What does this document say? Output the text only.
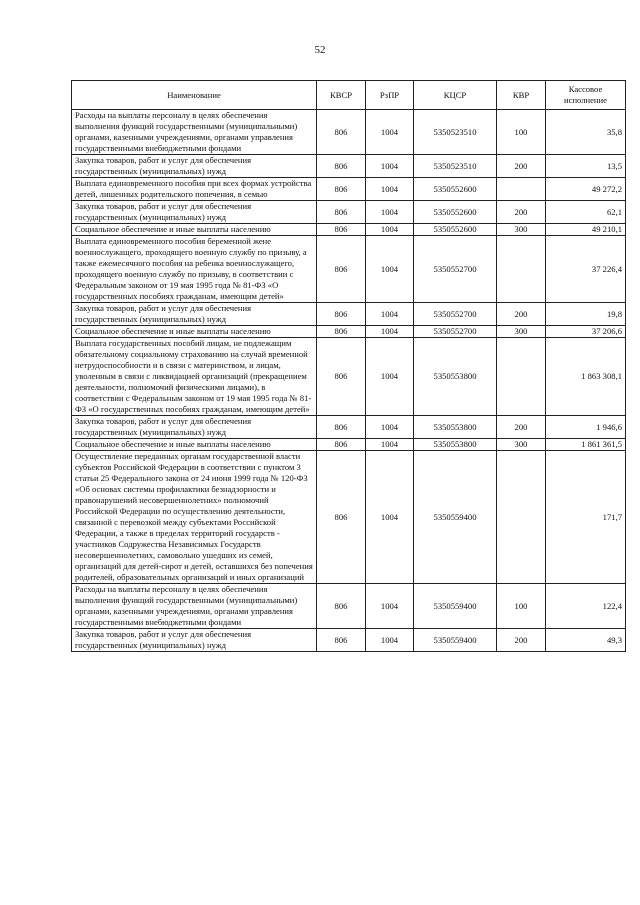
52
Наименование	КВСР	РзПР	КЦСР	КВР	Кассовое исполнение
Расходы на выплаты персоналу в целях обеспечения выполнения функций государственными (муниципальными) органами, казенными учреждениями, органами управления государственными внебюджетными фондами	806	1004	5350523510	100	35,8
Закупка товаров, работ и услуг для обеспечения государственных (муниципальных) нужд	806	1004	5350523510	200	13,5
Выплата единовременного пособия при всех формах устройства детей, лишенных родительского попечения, в семью	806	1004	5350552600		49 272,2
Закупка товаров, работ и услуг для обеспечения государственных (муниципальных) нужд	806	1004	5350552600	200	62,1
Социальное обеспечение и иные выплаты населению	806	1004	5350552600	300	49 210,1
Выплата единовременного пособия беременной жене военнослужащего, проходящего военную службу по призыву, а также ежемесячного пособия на ребенка военнослужащего, проходящего военную службу по призыву, в соответствии с Федеральным законом от 19 мая 1995 года № 81-ФЗ «О государственных пособиях гражданам, имеющим детей»	806	1004	5350552700		37 226,4
Закупка товаров, работ и услуг для обеспечения государственных (муниципальных) нужд	806	1004	5350552700	200	19,8
Социальное обеспечение и иные выплаты населению	806	1004	5350552700	300	37 206,6
Выплата государственных пособий лицам, не подлежащим обязательному социальному страхованию на случай временной нетрудоспособности и в связи с материнством, и лицам, уволенным в связи с ликвидацией организаций (прекращением деятельности, полномочий физическими лицами), в соответствии с Федеральным законом от 19 мая 1995 года № 81-ФЗ «О государственных пособиях гражданам, имеющим детей»	806	1004	5350553800		1 863 308,1
Закупка товаров, работ и услуг для обеспечения государственных (муниципальных) нужд	806	1004	5350553800	200	1 946,6
Социальное обеспечение и иные выплаты населению	806	1004	5350553800	300	1 861 361,5
Осуществление переданных органам государственной власти субъектов Российской Федерации в соответствии с пунктом 3 статьи 25 Федерального закона от 24 июня 1999 года № 120-ФЗ «Об основах системы профилактики безнадзорности и правонарушений несовершеннолетних» полномочий Российской Федерации по осуществлению деятельности, связанной с перевозкой между субъектами Российской Федерации, а также в пределах территорий государств - участников Содружества Независимых Государств несовершеннолетних, самовольно ушедших из семей, организаций для детей-сирот и детей, оставшихся без попечения родителей, образовательных организаций и иных организаций	806	1004	5350559400		171,7
Расходы на выплаты персоналу в целях обеспечения выполнения функций государственными (муниципальными) органами, казенными учреждениями, органами управления государственными внебюджетными фондами	806	1004	5350559400	100	122,4
Закупка товаров, работ и услуг для обеспечения государственных (муниципальных) нужд	806	1004	5350559400	200	49,3
